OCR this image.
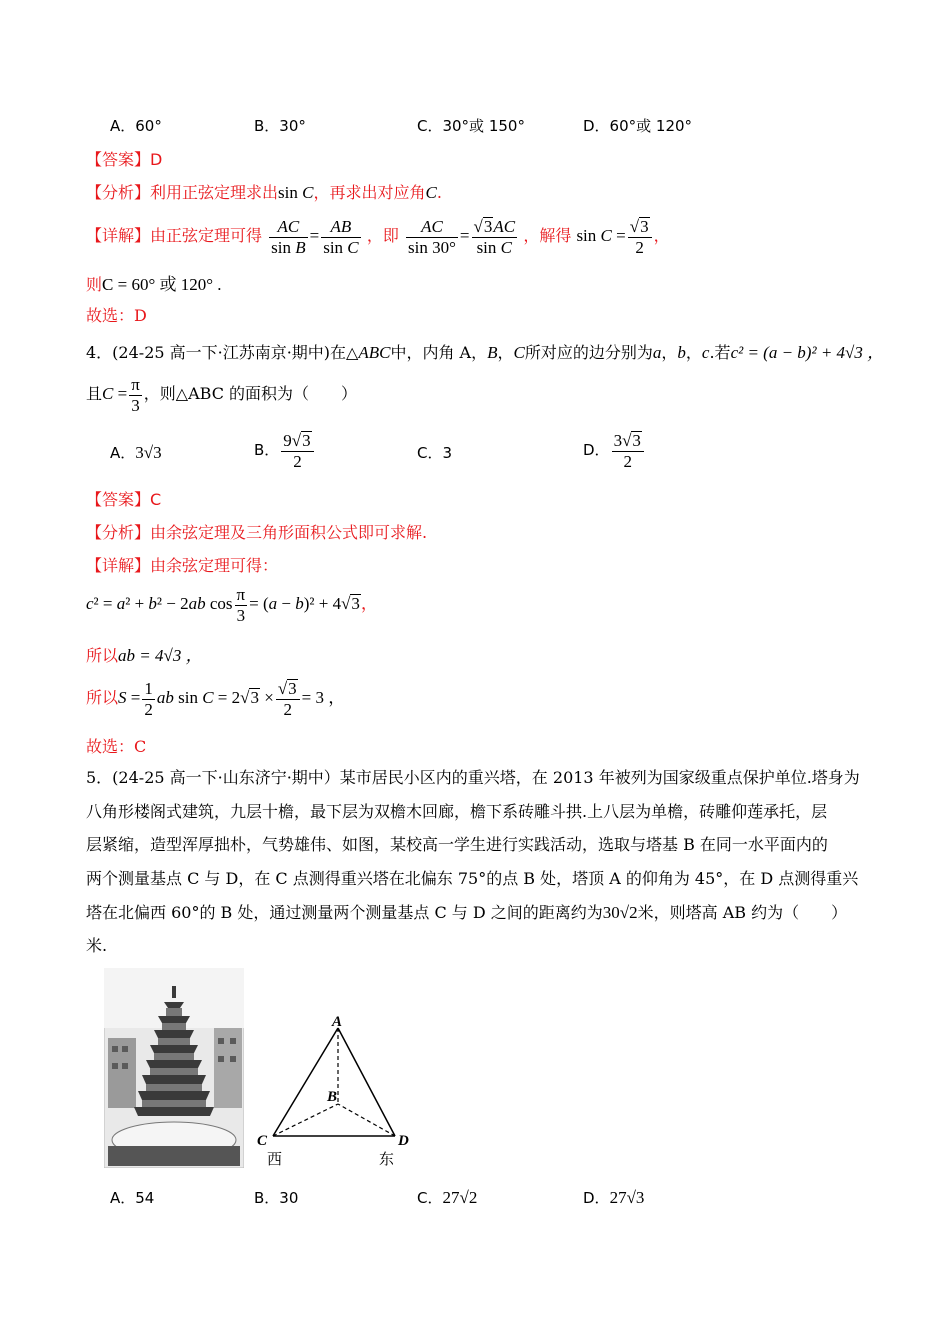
A．60°	B．30°	C．30°或 150°	D．60°或 120°
【答案】D
【分析】利用正弦定理求出sin C，再求出对应角C.
【详解】由正弦定理可得 $\frac{AC}{\text{sin B}} = \frac{AB}{\text{sin C}}$ ，即 $\frac{AC}{\sin 30^\circ} = \frac{√3AC}{\text{sin C}}$ ，解得 $\sin C = \frac{√3}{2}$ ，
则C = 60° 或 120° .
故选：D
4．(24-25 高一下·江苏南京·期中)在△ABC中，内角 A，B，C所对应的边分别为a，b，c.若c² = (a − b)² + 4√3 ，
且$C = \frac{\pi}{3}$ ，则△ABC 的面积为（　　）
A．3√3	B． $\frac{9√3}{2}$	C．3	D． $\frac{3√3}{2}$
【答案】C
【分析】由余弦定理及三角形面积公式即可求解.
【详解】由余弦定理可得：
c² = a² + b² − 2ab $\cos \frac{\pi}{3} = (a - b)^2 + 4√3$，
所以ab = 4√3 ，
所以$S = \frac{1}{2}$ ab $\sin C = 2√3 \times \frac{√3}{2} = 3$ ，
故选：C
5．(24-25 高一下·山东济宁·期中）某市居民小区内的重兴塔，在 2013 年被列为国家级重点保护单位.塔身为
八角形楼阁式建筑，九层十檐，最下层为双檐木回廊，檐下系砖雕斗拱.上八层为单檐，砖雕仰莲承托，层
层紧缩，造型浑厚拙朴，气势雄伟、如图，某校高一学生进行实践活动，选取与塔基 B 在同一水平面内的
两个测量基点 C 与 D，在 C 点测得重兴塔在北偏东 75°的点 B 处，塔顶 A 的仰角为 45°，在 D 点测得重兴
塔在北偏西 60°的 B 处，通过测量两个测量基点 C 与 D 之间的距离约为30√2米，则塔高 AB 约为（　　）
米.
A
B
C	D
西	东
A．54	B．30	C．27√2	D．27√3
